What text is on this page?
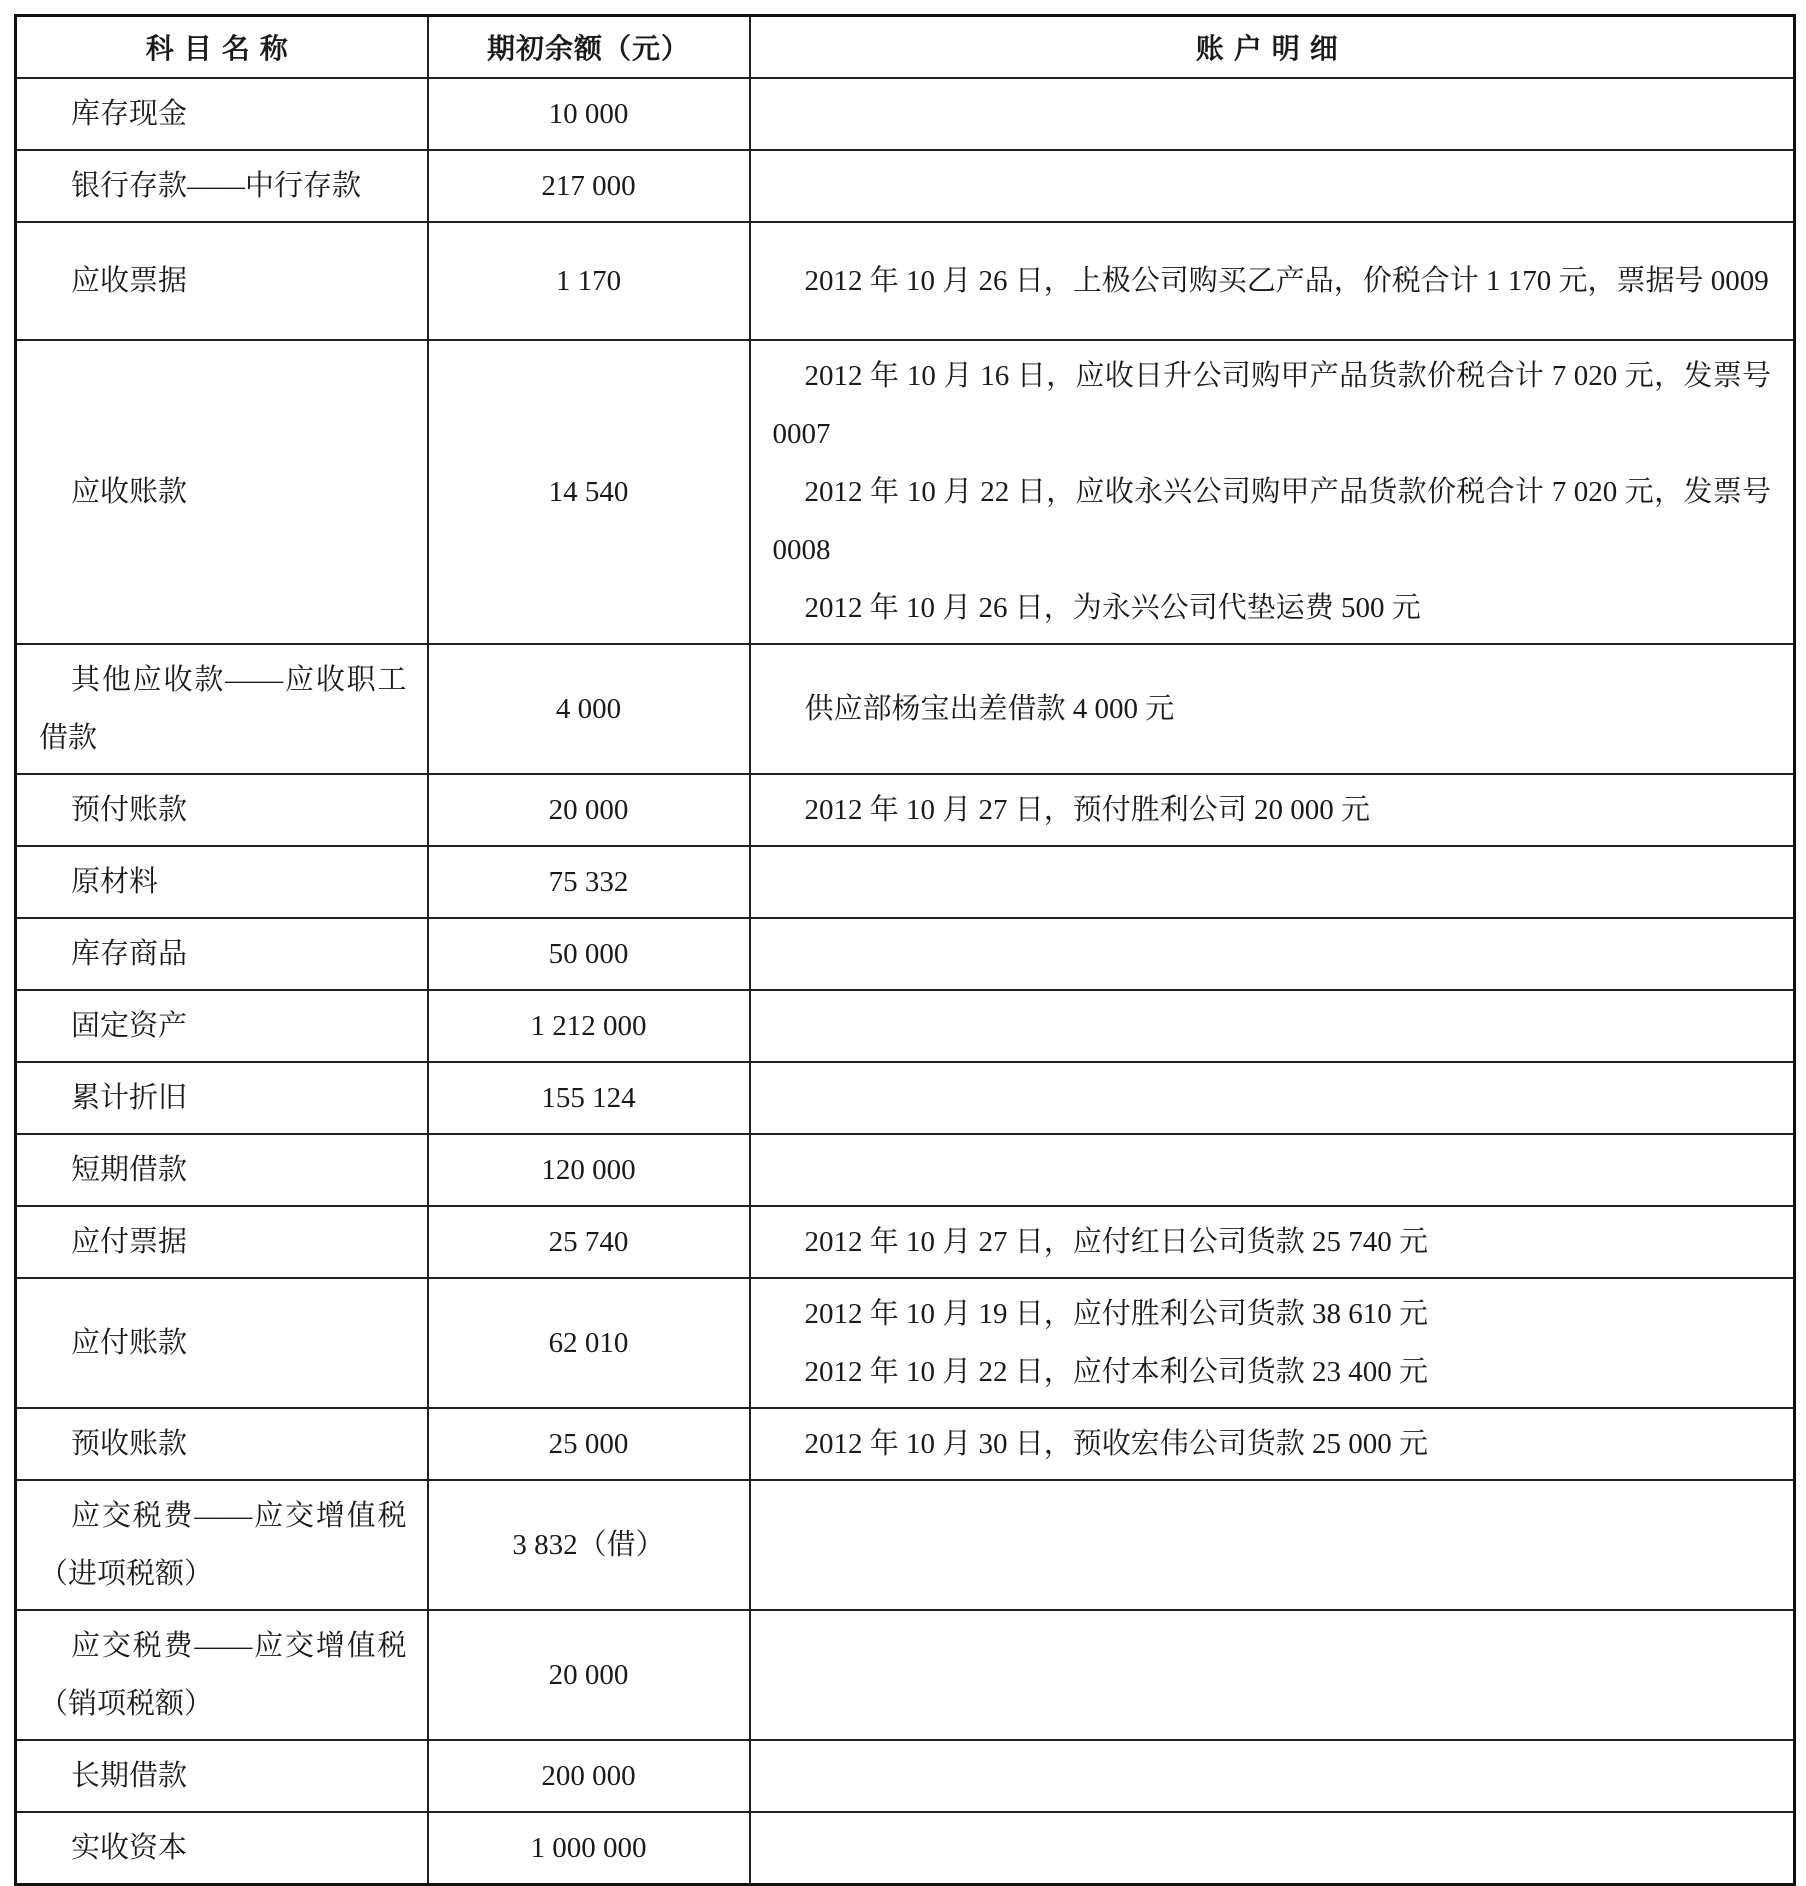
科目名称	期初余额（元）	账户明细
库存现金	10 000	
银行存款——中行存款	217 000	
应收票据	1 170	2012 年 10 月 26 日，上极公司购买乙产品，价税合计 1 170 元，票据号 0009

应收账款	14 540	2012 年 10 月 16 日，应收日升公司购甲产品货款价税合计 7 020 元，发票号 0007

2012 年 10 月 22 日，应收永兴公司购甲产品货款价税合计 7 020 元，发票号 0008

2012 年 10 月 26 日，为永兴公司代垫运费 500 元

其他应收款——应收职工借款	4 000	供应部杨宝出差借款 4 000 元

预付账款	20 000	2012 年 10 月 27 日，预付胜利公司 20 000 元

原材料	75 332	
库存商品	50 000	
固定资产	1 212 000	
累计折旧	155 124	
短期借款	120 000	
应付票据	25 740	2012 年 10 月 27 日，应付红日公司货款 25 740 元

应付账款	62 010	2012 年 10 月 19 日，应付胜利公司货款 38 610 元

2012 年 10 月 22 日，应付本利公司货款 23 400 元

预收账款	25 000	2012 年 10 月 30 日，预收宏伟公司货款 25 000 元

应交税费——应交增值税（进项税额）	3 832（借）	
应交税费——应交增值税（销项税额）	20 000	
长期借款	200 000	
实收资本	1 000 000	
